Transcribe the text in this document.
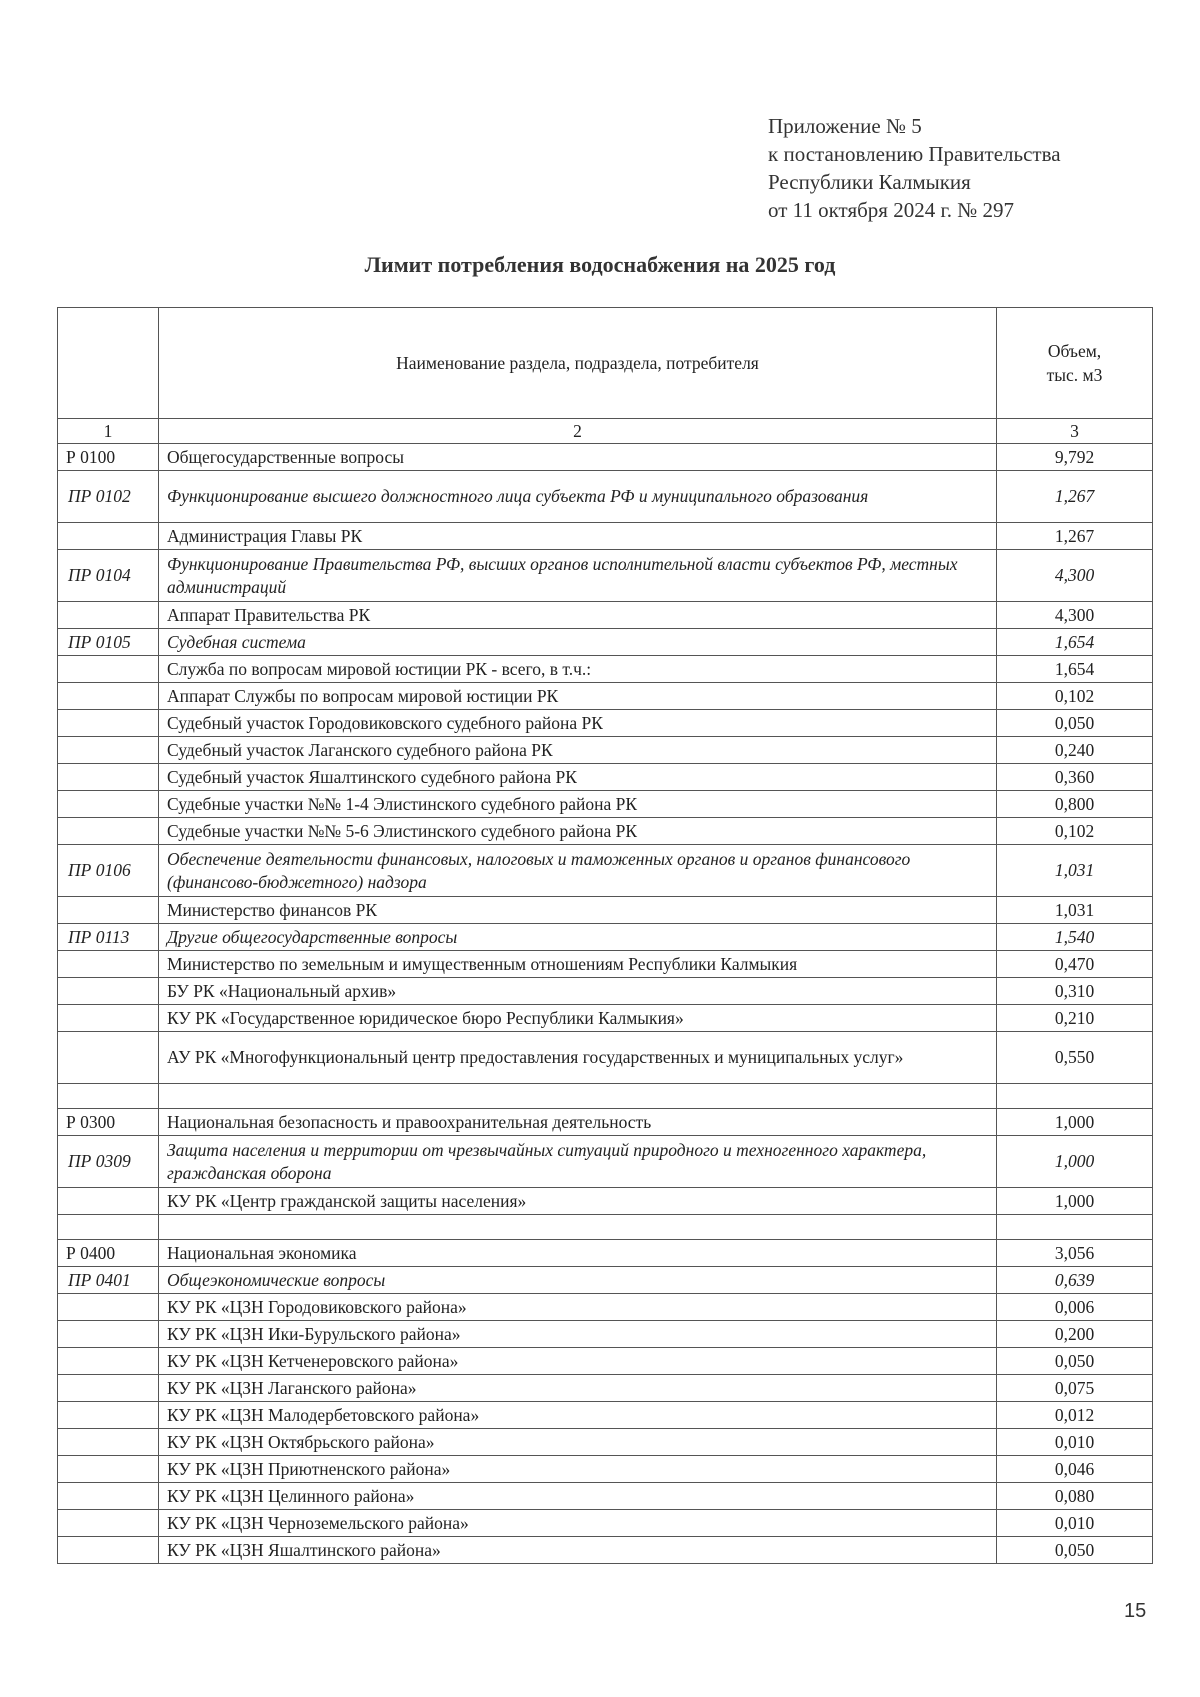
Приложение № 5
к постановлению Правительства
Республики Калмыкия
от 11 октября 2024 г. № 297
Лимит потребления водоснабжения на 2025 год
	Наименование раздела, подраздела, потребителя	Объем,
тыс. м3
1	2	3
Р 0100	Общегосударственные вопросы	9,792
ПР 0102	Функционирование высшего должностного лица субъекта РФ и муниципального образования	1,267
	Администрация Главы РК	1,267
ПР 0104	Функционирование Правительства РФ, высших органов исполнительной власти субъектов РФ, местных администраций	4,300
	Аппарат Правительства РК	4,300
ПР 0105	Судебная система	1,654
	Служба по вопросам мировой юстиции РК - всего, в т.ч.:	1,654
	Аппарат Службы по вопросам мировой юстиции РК	0,102
	Судебный участок Городовиковского судебного района РК	0,050
	Судебный участок Лаганского судебного района РК	0,240
	Судебный участок Яшалтинского судебного района РК	0,360
	Судебные участки №№ 1-4 Элистинского судебного района РК	0,800
	Судебные участки №№ 5-6 Элистинского судебного района РК	0,102
ПР 0106	Обеспечение деятельности финансовых, налоговых и таможенных органов и органов финансового (финансово-бюджетного) надзора	1,031
	Министерство финансов РК	1,031
ПР 0113	Другие общегосударственные вопросы	1,540
	Министерство по земельным и имущественным отношениям Республики Калмыкия	0,470
	БУ РК «Национальный архив»	0,310
	КУ РК «Государственное юридическое бюро Республики Калмыкия»	0,210
	АУ РК «Многофункциональный центр предоставления государственных и муниципальных услуг»	0,550

Р 0300	Национальная безопасность и правоохранительная деятельность	1,000
ПР 0309	Защита населения и территории от чрезвычайных ситуаций природного и техногенного характера, гражданская оборона	1,000
	КУ РК «Центр гражданской защиты населения»	1,000

Р 0400	Национальная экономика	3,056
ПР 0401	Общеэкономические вопросы	0,639
	КУ РК «ЦЗН Городовиковского района»	0,006
	КУ РК «ЦЗН Ики-Бурульского района»	0,200
	КУ РК «ЦЗН Кетченеровского района»	0,050
	КУ РК «ЦЗН Лаганского района»	0,075
	КУ РК «ЦЗН Малодербетовского района»	0,012
	КУ РК «ЦЗН Октябрьского района»	0,010
	КУ РК «ЦЗН Приютненского района»	0,046
	КУ РК «ЦЗН Целинного района»	0,080
	КУ РК «ЦЗН Черноземельского района»	0,010
	КУ РК «ЦЗН Яшалтинского района»	0,050
15
